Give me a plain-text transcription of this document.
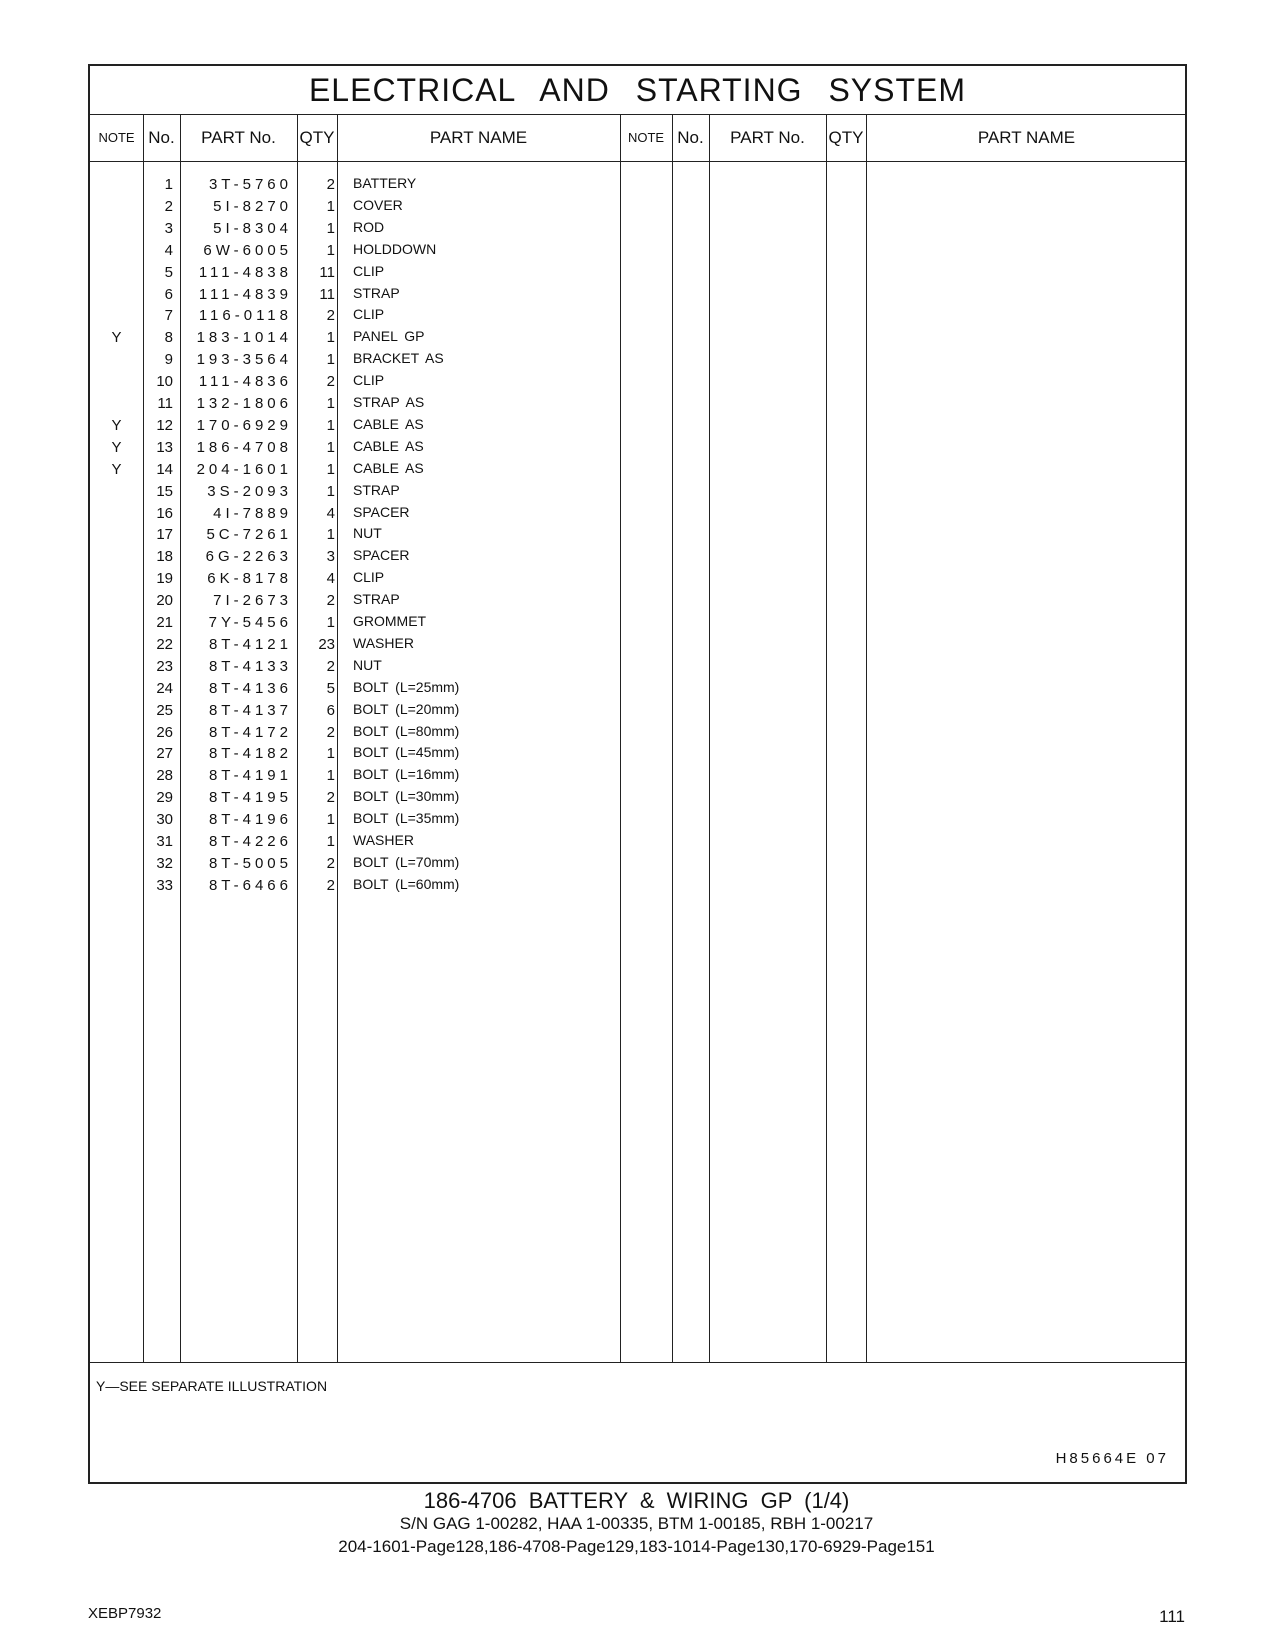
ELECTRICAL AND STARTING SYSTEM
NOTE No.	PART No.	QTY	PART NAME	NOTE No.	PART No.	QTY	PART NAME
1	3T-5760	2 BATTERY
2	5I-8270	1 COVER
3	5I-8304	1 ROD
4	6W-6005	1 HOLDDOWN
5	111-4838	11 CLIP
6	111-4839	11 STRAP
7	116-0118	2 CLIP
Y	8	183-1014	1 PANEL GP
9	193-3564	1 BRACKET AS
10	111-4836	2 CLIP
11	132-1806	1 STRAP AS
Y	12	170-6929	1 CABLE AS
Y	13	186-4708	1 CABLE AS
Y	14	204-1601	1 CABLE AS
15	3S-2093	1 STRAP
16	4I-7889	4 SPACER
17	5C-7261	1 NUT
18	6G-2263	3 SPACER
19	6K-8178	4 CLIP
20	7I-2673	2 STRAP
21	7Y-5456	1 GROMMET
22	8T-4121	23 WASHER
23	8T-4133	2 NUT
24	8T-4136	5 BOLT (L=25mm)
25	8T-4137	6 BOLT (L=20mm)
26	8T-4172	2 BOLT (L=80mm)
27	8T-4182	1 BOLT (L=45mm)
28	8T-4191	1 BOLT (L=16mm)
29	8T-4195	2 BOLT (L=30mm)
30	8T-4196	1 BOLT (L=35mm)
31	8T-4226	1 WASHER
32	8T-5005	2 BOLT (L=70mm)
33	8T-6466	2 BOLT (L=60mm)
Y—SEE SEPARATE ILLUSTRATION
H85664E 07
186-4706 BATTERY & WIRING GP (1/4)
S/N GAG 1-00282, HAA 1-00335, BTM 1-00185, RBH 1-00217
204-1601-Page128,186-4708-Page129,183-1014-Page130,170-6929-Page151
XEBP7932	111
